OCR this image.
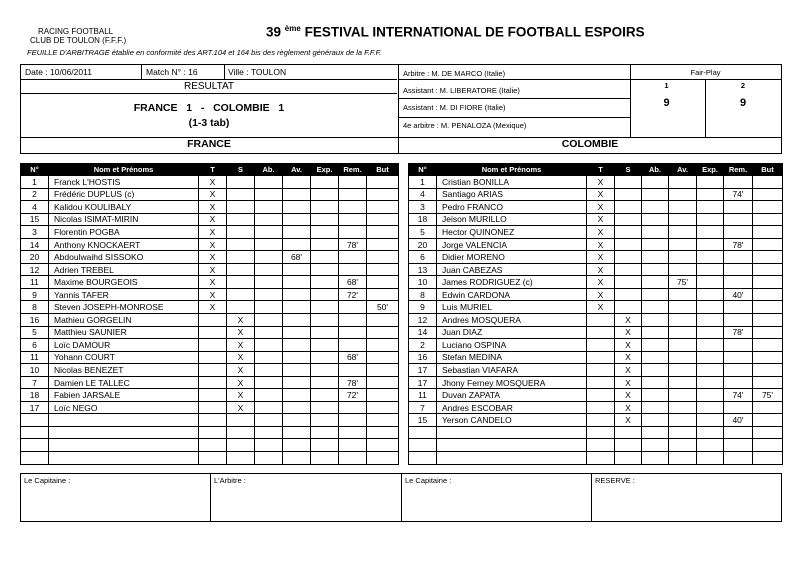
RACING FOOTBALL
CLUB DE TOULON (F.F.F.)
39 $^{ème}$ FESTIVAL INTERNATIONAL DE FOOTBALL ESPOIRS
FEUILLE D'ARBITRAGE établie en conformité des ART.104 et 164 bis des règlement généraux de la F.F.F.
Date : 10/06/2011	Match N° : 16	Ville : TOULON
RESULTAT
FRANCE   1   -   COLOMBIE   1
(1-3 tab)
Arbitre : M. DE MARCO (Italie)
Assistant : M. LIBERATORE (Italie)
Assistant : M. DI FIORE (Italie)
4e arbitre : M. PENALOZA (Mexique)
Fair-Play
1	2
9	9
FRANCE	COLOMBIE
N°	Nom et Prénoms	T	S	Ab.	Av.	Exp.	Rem.	But
1	Franck L'HOSTIS	X						
2	Frédéric DUPLUS (c)	X						
4	Kalidou KOULIBALY	X						
15	Nicolas ISIMAT-MIRIN	X						
3	Florentin POGBA	X						
14	Anthony KNOCKAERT	X					78'	
20	Abdoulwaihd SISSOKO	X			68'			
12	Adrien TREBEL	X						
11	Maxime BOURGEOIS	X					68'	
9	Yannis TAFER	X					72'	
8	Steven JOSEPH-MONROSE	X						50'
16	Mathieu GORGELIN		X					
5	Matthieu SAUNIER		X					
6	Loïc DAMOUR		X					
11	Yohann COURT		X				68'	
10	Nicolas BENEZET		X					
7	Damien LE TALLEC		X				78'	
18	Fabien JARSALE		X				72'	
17	Loïc NEGO		X					

N°	Nom et Prénoms	T	S	Ab.	Av.	Exp.	Rem.	But
1	Cristian BONILLA	X						
4	Santiago ARIAS	X					74'	
3	Pedro FRANCO	X						
18	Jeison MURILLO	X						
5	Hector QUINONEZ	X						
20	Jorge VALENCIA	X					78'	
6	Didier MORENO	X						
13	Juan CABEZAS	X						
10	James RODRIGUEZ (c)	X			75'			
8	Edwin CARDONA	X					40'	
9	Luis MURIEL	X						
12	Andres MOSQUERA		X					
14	Juan DIAZ		X				78'	
2	Luciano OSPINA		X					
16	Stefan MEDINA		X					
17	Sebastian VIAFARA		X					
17	Jhony Ferney MOSQUERA		X					
11	Duvan ZAPATA		X				74'	75'
7	Andres ESCOBAR		X					
15	Yerson CANDELO		X				40'	

Le Capitaine :	L'Arbitre :	Le Capitaine :	RESERVE :
